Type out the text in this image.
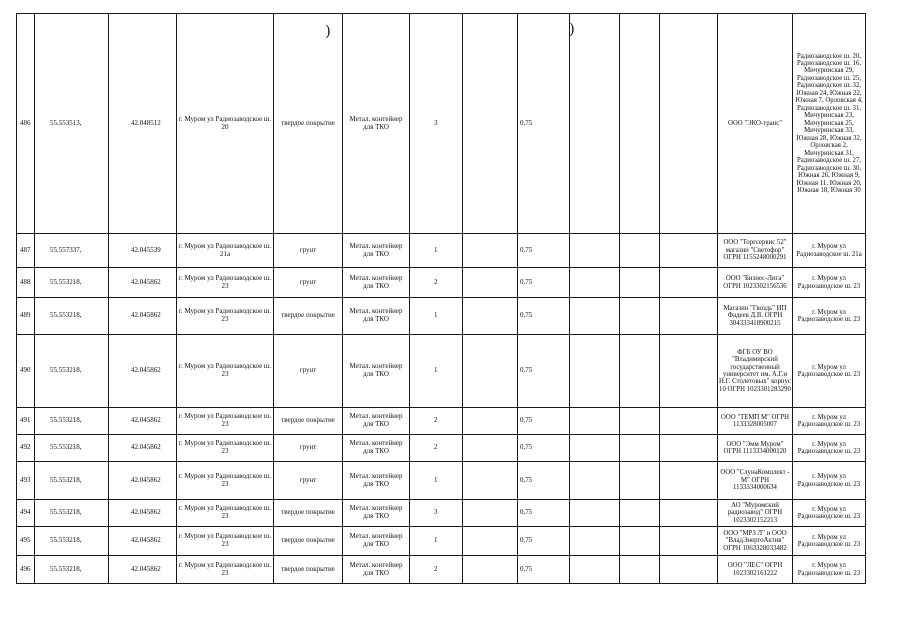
486	55.553513,	42.048512	г. Муром ул Радиозаводское ш. 20	твердое покрытие	Метал. контейнер для ТКО	3		0,75				ООО "ЭКО-транс"	Радиозаводское ш. 20, Радиозаводское ш. 16, Мичуринская 29, Радиозаводское ш. 25, Радиозаводское ш. 32, Южная 24, Южная 22, Южная 7, Орловская 4, Радиозаводское ш. 31, Мичуринская 23, Мичуринская 25, Мичуринская 33, Южная 28, Южная 32, Орловская 2, Мичуринская 31, Радиозаводское ш. 27, Радиозаводское ш. 30, Южная 26, Южная 9, Южная 11, Южная 20, Южная 18, Южная 30
487	55.557337,	42.045539	г. Муром ул Радиозаводское ш. 21а	грунт	Метал. контейнер для ТКО	1		0,75				ООО "Торгсервис 52" магазин "Светофор" ОГРН 1155248000291	г. Муром ул Радиозаводское ш. 21а
488	55.553218,	42.045862	г. Муром ул Радиозаводское ш. 23	грунт	Метал. контейнер для ТКО	2		0,75				ООО "Бизнес-Лига" ОГРН 1023302156536	г. Муром ул Радиозаводское ш. 23
489	55.553218,	42.045862	г. Муром ул Радиозаводское ш. 23	твердое покрытие	Метал. контейнер для ТКО	1		0,75				Магазин "Гвоздь" ИП Фадеев Д.В. ОГРН 304333418900215	г. Муром ул Радиозаводское ш. 23
490	55.553218,	42.045862	г. Муром ул Радиозаводское ш. 23	грунт	Метал. контейнер для ТКО	1		0,75				ФГБ ОУ ВО "Владимирский государственный университет им. А.Г.и Н.Г. Столетовых" корпус 10 ОГРН 1023301283290	г. Муром ул Радиозаводское ш. 23
491	55.553218,	42.045862	г. Муром ул Радиозаводское ш. 23	твердое покрытие	Метал. контейнер для ТКО	2		0,75				ООО "ТЕМП М" ОГРН 1133328005007	г. Муром ул Радиозаводское ш. 23
492	55.553218,	42.045862	г. Муром ул Радиозаводское ш. 23	грунт	Метал. контейнер для ТКО	2		0,75				ООО "Эмм Муром" ОГРН 1113334000120	г. Муром ул Радиозаводское ш. 23
493	55.553218,	42.045862	г. Муром ул Радиозаводское ш. 23	грунт	Метал. контейнер для ТКО	1		0,75				ООО "СлунаКомплект - М" ОГРН 1133334000634	г. Муром ул Радиозаводское ш. 23
494	55.553218,	42.045862	г. Муром ул Радиозаводское ш. 23	твердое покрытие	Метал. контейнер для ТКО	3		0,75				АО "Муромский радиозавод" ОГРН 1023302152213	г. Муром ул Радиозаводское ш. 23
495	55.553218,	42.045862	г. Муром ул Радиозаводское ш. 23	твердое покрытие	Метал. контейнер для ТКО	1		0,75				ООО "МРЗ Л" и ООО "ВладЭнергоАктив" ОГРН 1063328033482	г. Муром ул Радиозаводское ш. 23
496	55.553218,	42.045862	г. Муром ул Радиозаводское ш. 23	твердое покрытие	Метал. контейнер для ТКО	2		0,75				ООО "ЛЕС" ОГРН 1023302161222	г. Муром ул Радиозаводское ш. 23
)	)
